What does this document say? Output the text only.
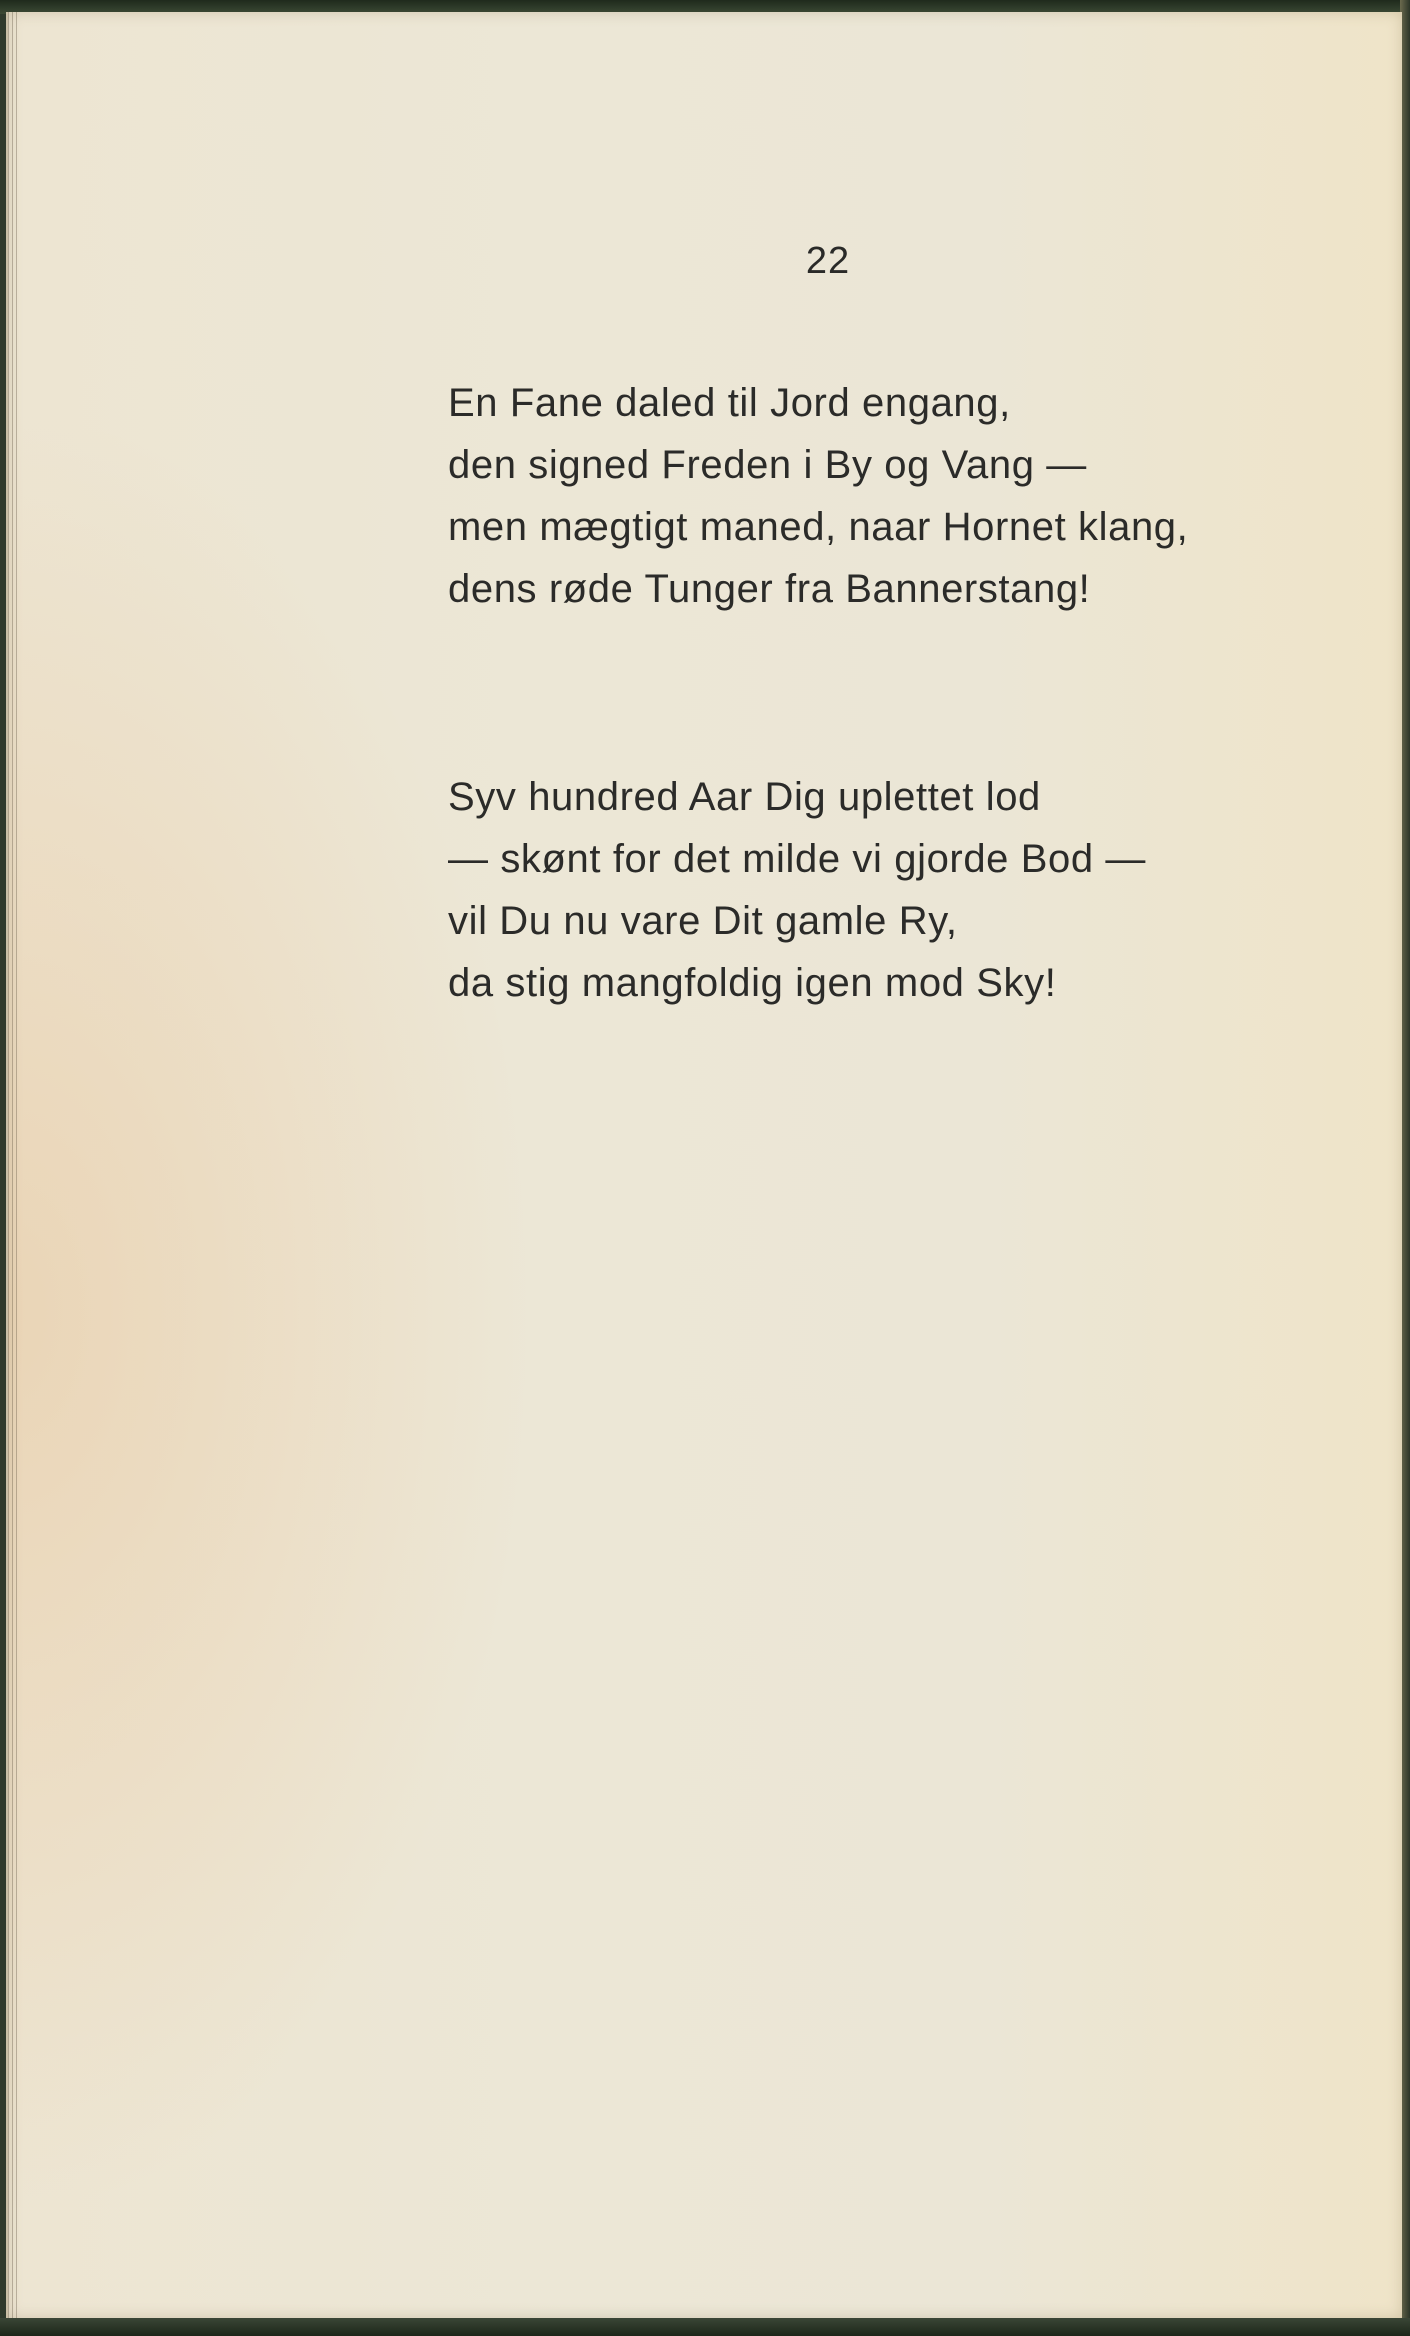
22
En Fane daled til Jord engang,
den signed Freden i By og Vang —
men mægtigt maned, naar Hornet klang,
dens røde Tunger fra Bannerstang!
Syv hundred Aar Dig uplettet lod
— skønt for det milde vi gjorde Bod —
vil Du nu vare Dit gamle Ry,
da stig mangfoldig igen mod Sky!
